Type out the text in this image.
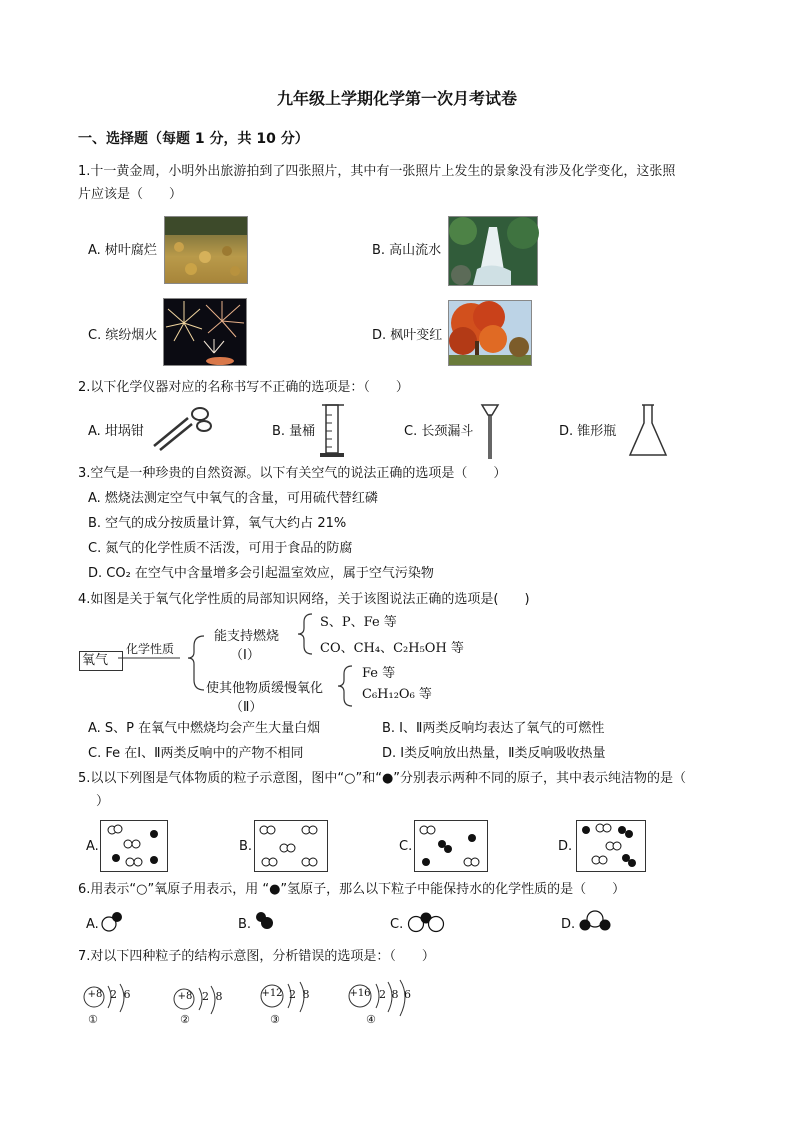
九年级上学期化学第一次月考试卷
一、选择题（每题 1 分，共 10 分）
1.十一黄金周，小明外出旅游拍到了四张照片，其中有一张照片上发生的景象没有涉及化学变化，这张照
片应该是（　　）
A. 树叶腐烂	B. 高山流水
C. 缤纷烟火	D. 枫叶变红
2.以下化学仪器对应的名称书写不正确的选项是：（　　）
A. 坩埚钳	B. 量桶	C. 长颈漏斗	D. 锥形瓶
3.空气是一种珍贵的自然资源。以下有关空气的说法正确的选项是（　　）
A. 燃烧法测定空气中氧气的含量，可用硫代替红磷
B. 空气的成分按质量计算，氧气大约占 21%
C. 氮气的化学性质不活泼，可用于食品的防腐
D. CO₂ 在空气中含量增多会引起温室效应，属于空气污染物
4.如图是关于氧气化学性质的局部知识网络，关于该图说法正确的选项是(　　)
氧气
化学性质
能支持燃烧
（Ⅰ）
S、P、Fe 等
CO、CH₄、C₂H₅OH 等
使其他物质缓慢氧化
（Ⅱ）
Fe 等
C₆H₁₂O₆ 等
A. S、P 在氧气中燃烧均会产生大量白烟	B. Ⅰ、Ⅱ两类反响均表达了氧气的可燃性
C. Fe 在Ⅰ、Ⅱ两类反响中的产物不相同	D. Ⅰ类反响放出热量，Ⅱ类反响吸收热量
5.以以下列图是气体物质的粒子示意图，图中“○”和“●”分别表示两种不同的原子，其中表示纯洁物的是（
）
A.	B.	C.	D.
6.用表示“○”氧原子用表示，用 “●”氢原子，那么以下粒子中能保持水的化学性质的是（　　）
A.	B.	C.	D.
7.对以下四种粒子的结构示意图，分析错误的选项是：（　　）
+8 2 6
①
+8 2 8
②
+12 2 8
③
+16 2 8 6
④
